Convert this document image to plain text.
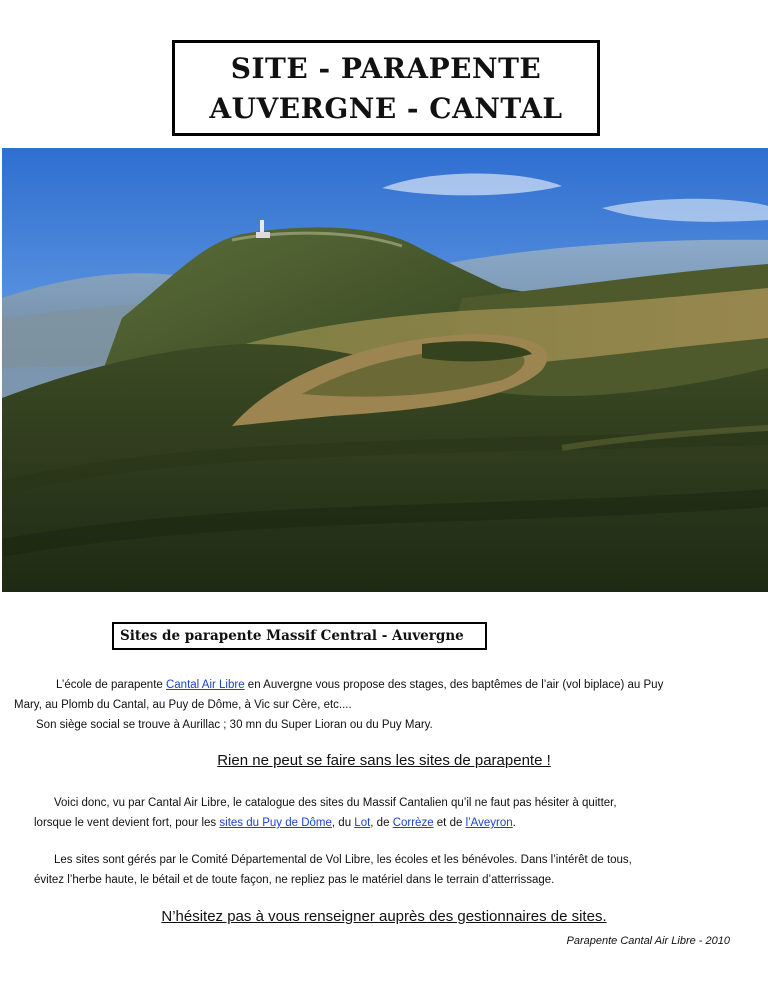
SITE - PARAPENTE
AUVERGNE - CANTAL
Sites de parapente Massif Central - Auvergne
L’école de parapente Cantal Air Libre en Auvergne vous propose des stages, des baptêmes de l’air (vol biplace) au Puy
Mary, au Plomb du Cantal, au Puy de Dôme, à Vic sur Cère, etc....
Son siège social se trouve à Aurillac ; 30 mn du Super Lioran ou du Puy Mary.
Rien ne peut se faire sans les sites de parapente !
Voici donc, vu par Cantal Air Libre, le catalogue des sites du Massif Cantalien qu’il ne faut pas hésiter à quitter,
lorsque le vent devient fort, pour les sites du Puy de Dôme, du Lot, de Corrèze et de l’Aveyron.
Les sites sont gérés par le Comité Départemental de Vol Libre, les écoles et les bénévoles. Dans l’intérêt de tous,
évitez l’herbe haute, le bétail et de toute façon, ne repliez pas le matériel dans le terrain d’atterrissage.
N’hésitez pas à vous renseigner auprès des gestionnaires de sites.
Parapente Cantal Air Libre - 2010
